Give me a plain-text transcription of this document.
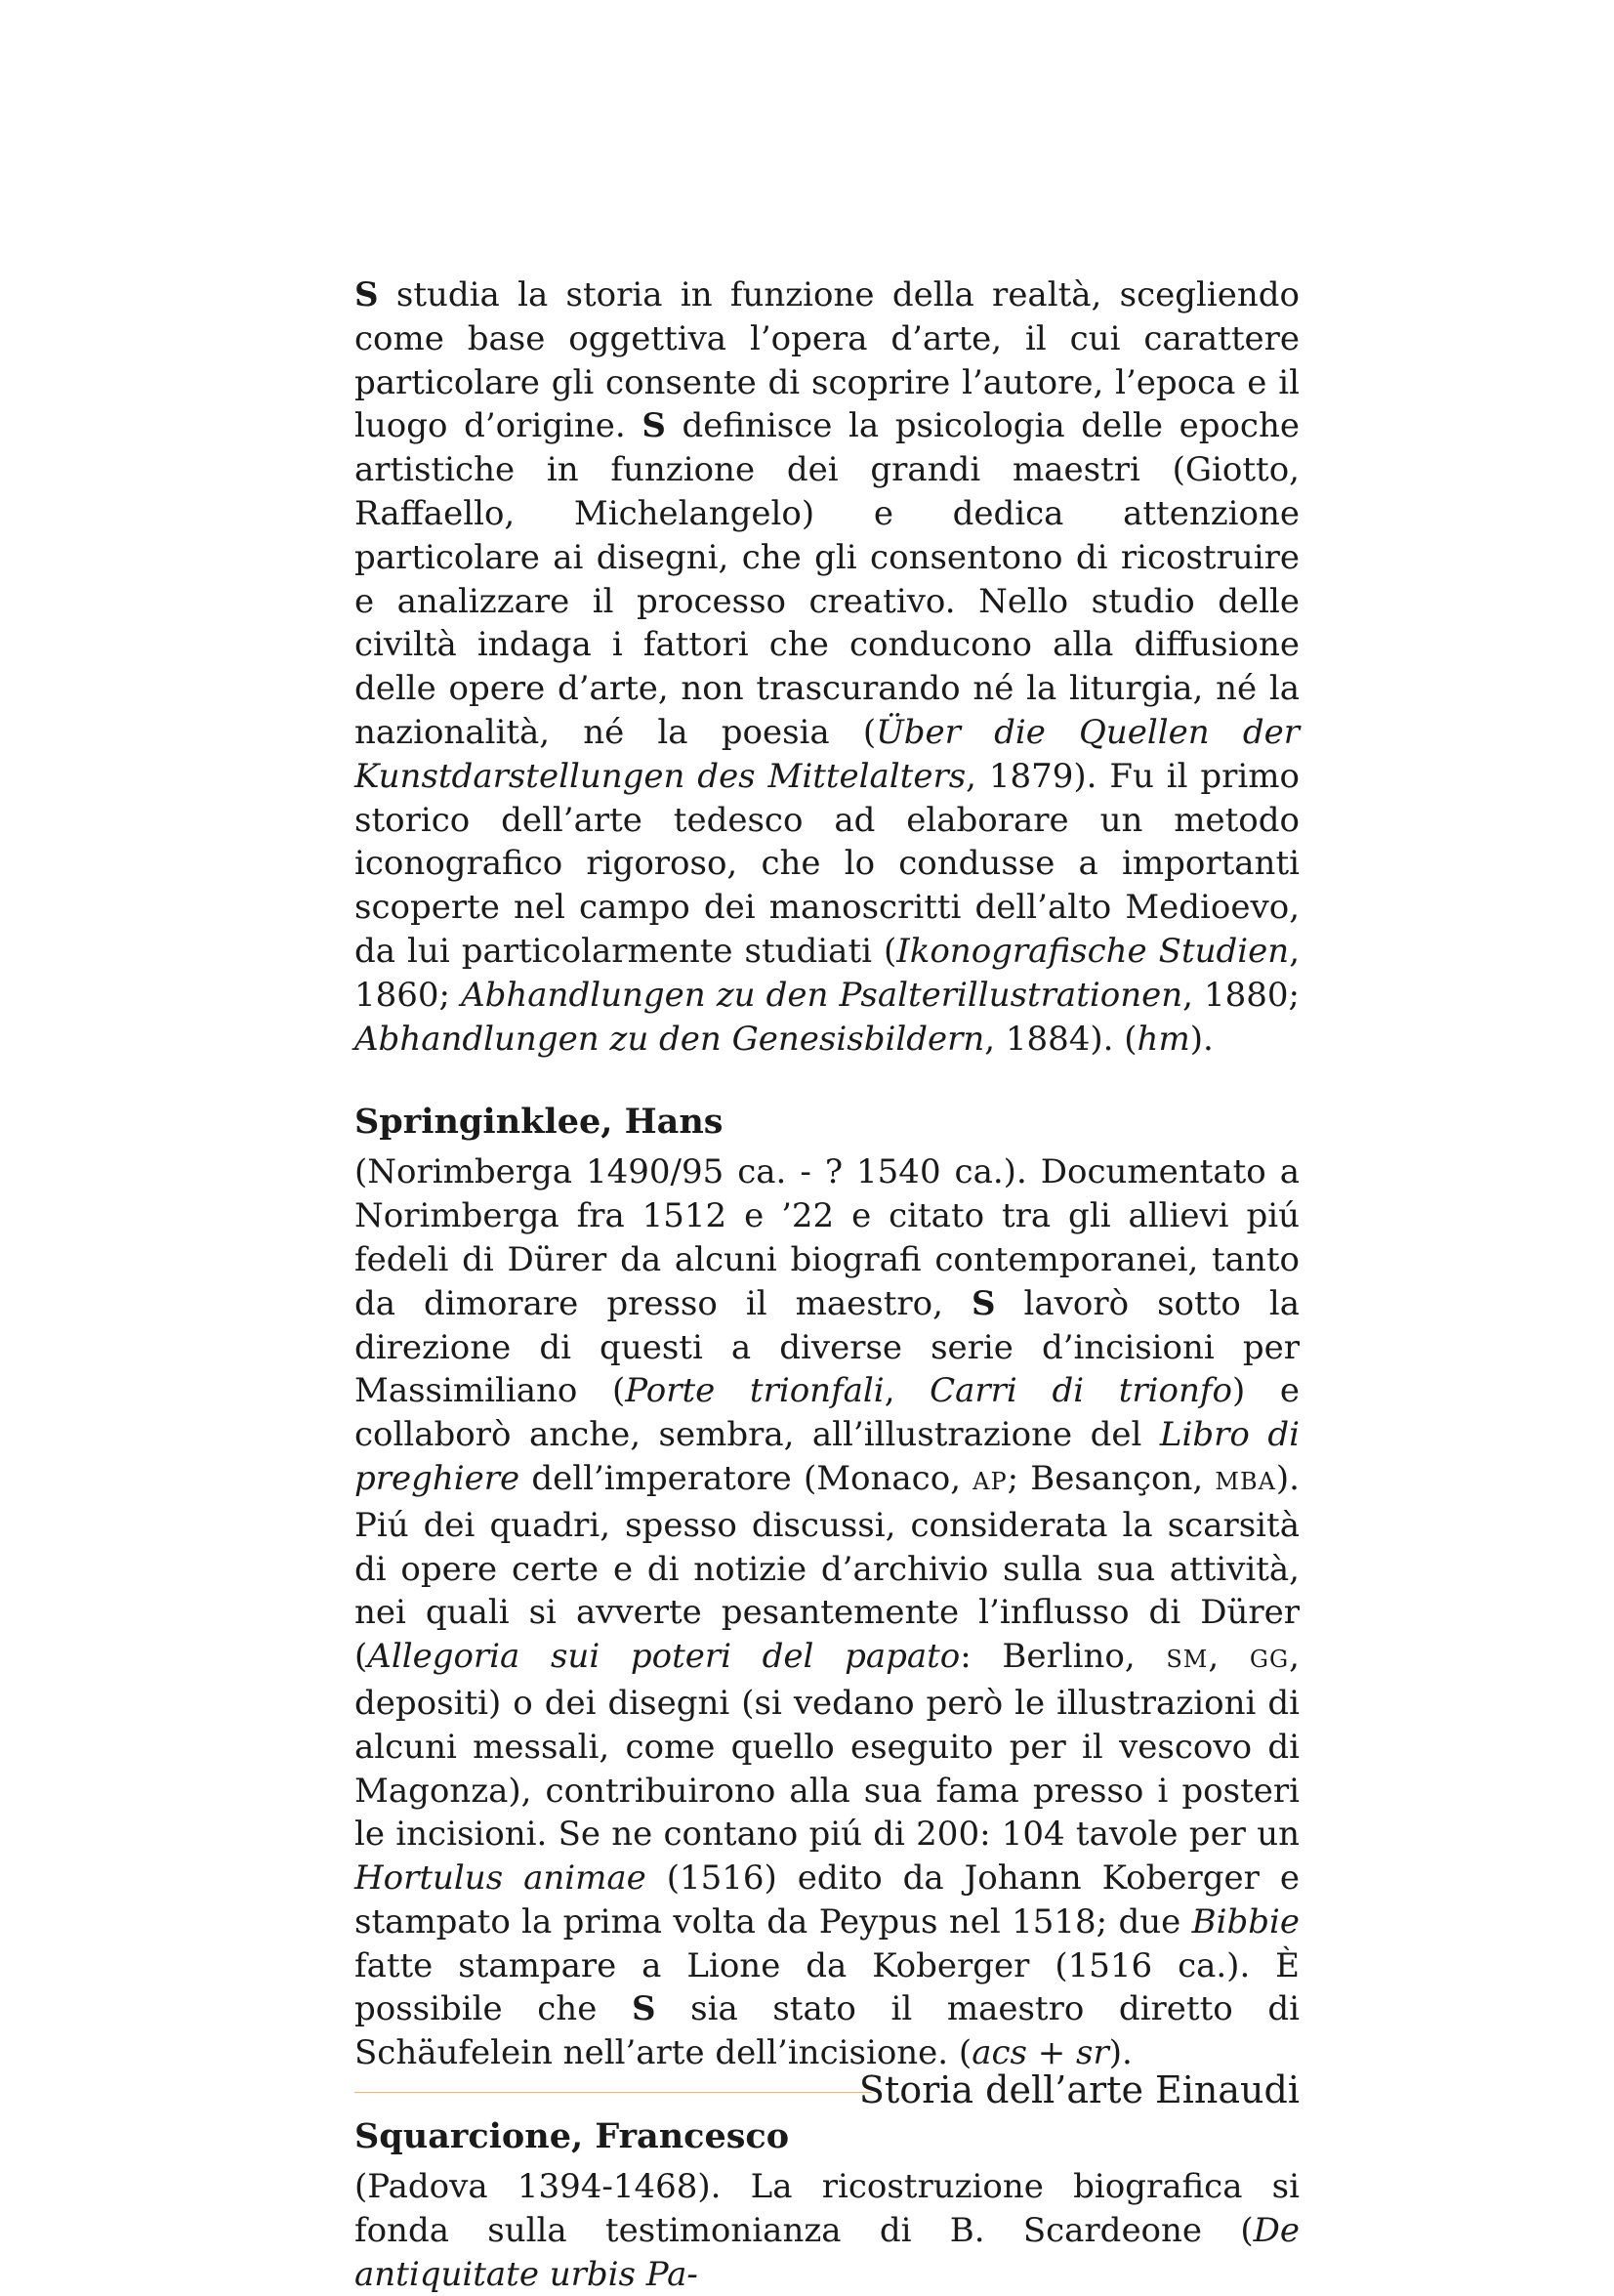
S studia la storia in funzione della realtà, scegliendo come base oggettiva l’opera d’arte, il cui carattere particolare gli consente di scoprire l’autore, l’epoca e il luogo d’origine. S definisce la psicologia delle epoche artistiche in funzione dei grandi maestri (Giotto, Raffaello, Michelangelo) e dedica attenzione particolare ai disegni, che gli consentono di ricostruire e analizzare il processo creativo. Nello studio delle civiltà indaga i fattori che conducono alla diffusione delle opere d’arte, non trascurando né la liturgia, né la nazionalità, né la poesia (Über die Quellen der Kunstdarstellungen des Mittelalters, 1879). Fu il primo storico dell’arte tedesco ad elaborare un metodo iconografico rigoroso, che lo condusse a importanti scoperte nel campo dei manoscritti dell’alto Medioevo, da lui particolarmente studiati (Ikonografische Studien, 1860; Abhandlungen zu den Psalterillustrationen, 1880; Abhandlungen zu den Genesisbildern, 1884). (hm).

Springinklee, Hans

(Norimberga 1490/95 ca. - ? 1540 ca.). Documentato a Norimberga fra 1512 e ’22 e citato tra gli allievi piú fedeli di Dürer da alcuni biografi contemporanei, tanto da dimorare presso il maestro, S lavorò sotto la direzione di questi a diverse serie d’incisioni per Massimiliano (Porte trionfali, Carri di trionfo) e collaborò anche, sembra, all’illustrazione del Libro di preghiere dell’imperatore (Monaco, AP; Besançon, MBA). Piú dei quadri, spesso discussi, considerata la scarsità di opere certe e di notizie d’archivio sulla sua attività, nei quali si avverte pesantemente l’influsso di Dürer (Allegoria sui poteri del papato: Berlino, SM, GG, depositi) o dei disegni (si vedano però le illustrazioni di alcuni messali, come quello eseguito per il vescovo di Magonza), contribuirono alla sua fama presso i posteri le incisioni. Se ne contano piú di 200: 104 tavole per un Hortulus animae (1516) edito da Johann Koberger e stampato la prima volta da Peypus nel 1518; due Bibbie fatte stampare a Lione da Koberger (1516 ca.). È possibile che S sia stato il maestro diretto di Schäufelein nell’arte dell’incisione. (acs + sr).

Squarcione, Francesco

(Padova 1394-1468). La ricostruzione biografica si fonda sulla testimonianza di B. Scardeone (De antiquitate urbis Pa-

Storia dell’arte Einaudi
